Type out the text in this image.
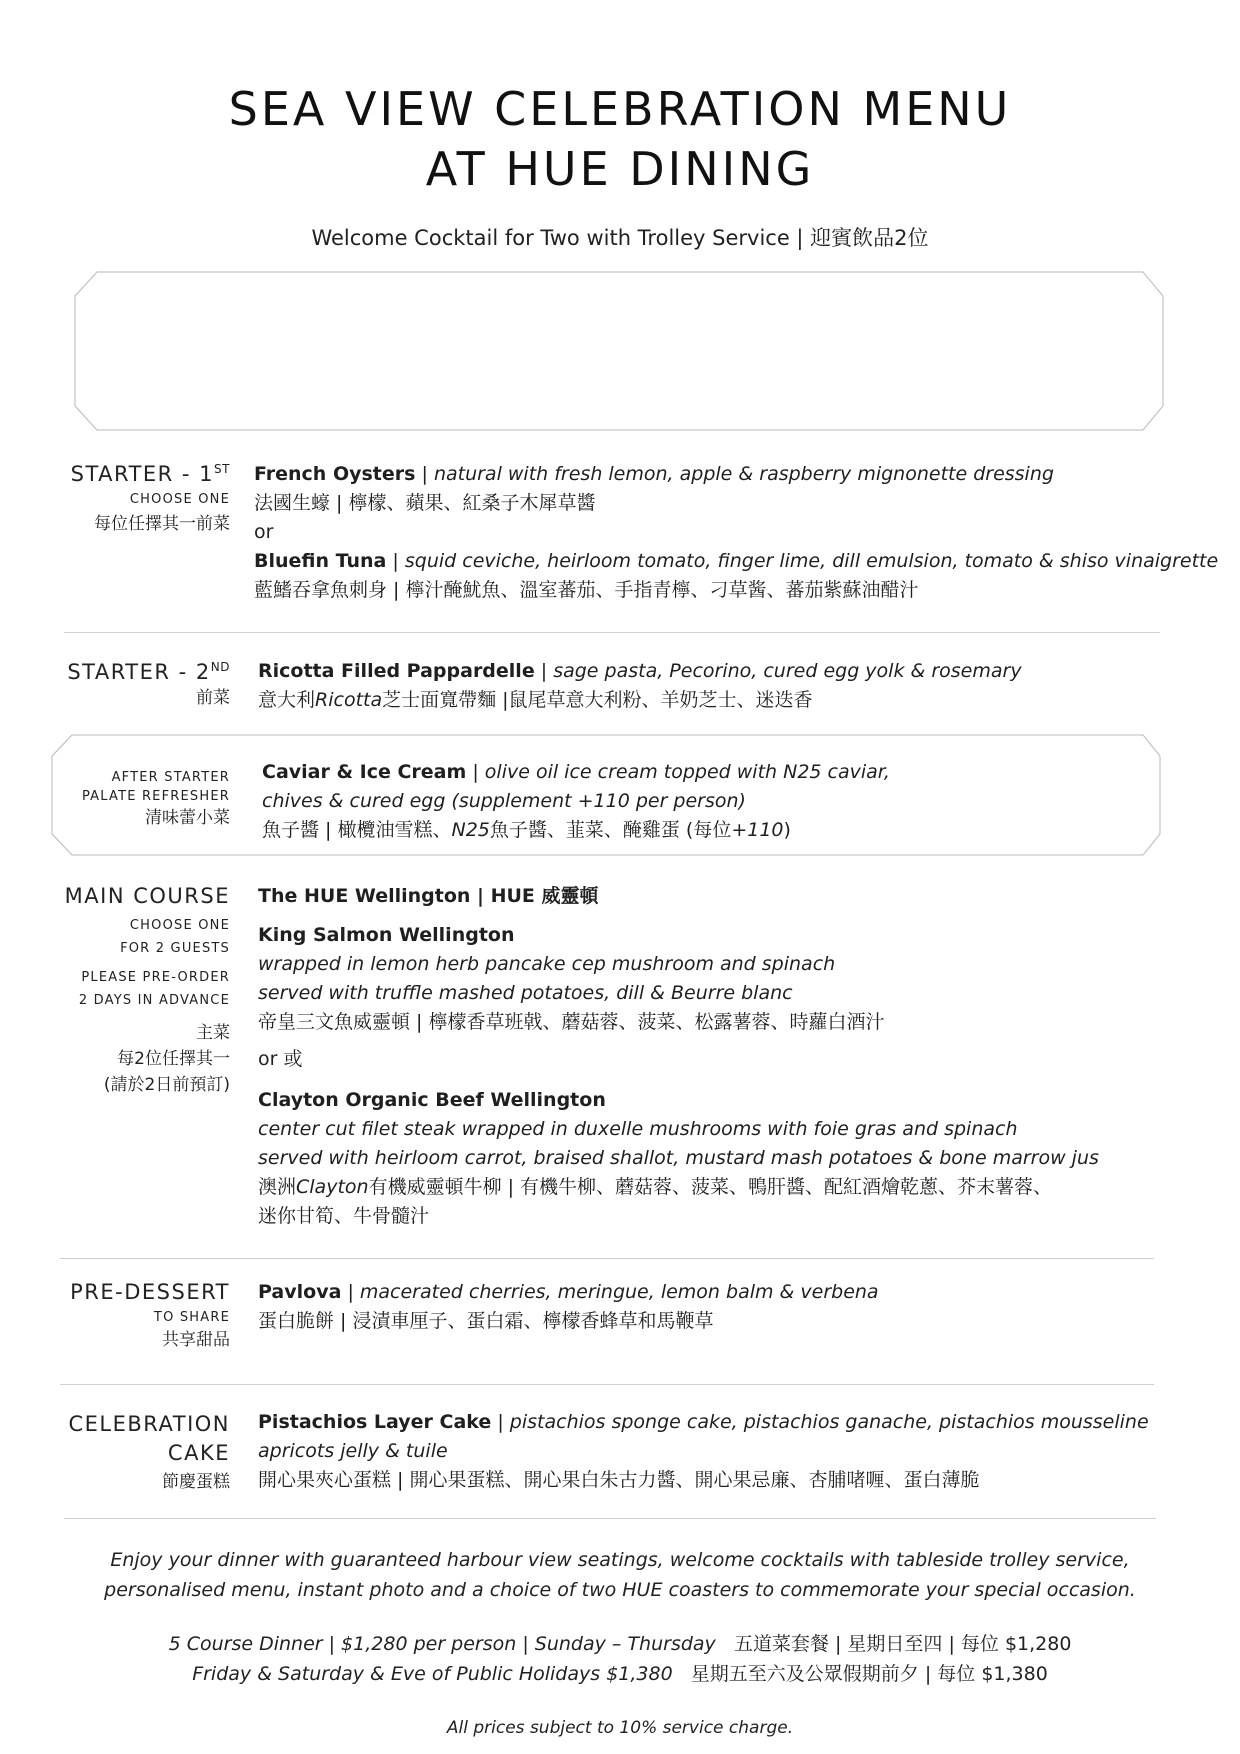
SEA VIEW CELEBRATION MENU
AT HUE DINING
Welcome Cocktail for Two with Trolley Service | 迎賓飲品2位
STARTER - 1ST
CHOOSE ONE
每位任擇其一前菜
French Oysters | natural with fresh lemon, apple & raspberry mignonette dressing
法國生蠔 | 檸檬、蘋果、紅桑子木犀草醬
or
Bluefin Tuna | squid ceviche, heirloom tomato, finger lime, dill emulsion, tomato & shiso vinaigrette
藍鰭吞拿魚刺身 | 檸汁醃魷魚、溫室蕃茄、手指青檸、刁草酱、蕃茄紫蘇油醋汁
STARTER - 2ND
前菜
Ricotta Filled Pappardelle | sage pasta, Pecorino, cured egg yolk & rosemary
意大利Ricotta芝士面寬帶麵 |鼠尾草意大利粉、羊奶芝士、迷迭香
AFTER STARTER
PALATE REFRESHER
清味蕾小菜
Caviar & Ice Cream | olive oil ice cream topped with N25 caviar,
chives & cured egg (supplement +110 per person)
魚子醬 | 橄欖油雪糕、N25魚子醬、韮菜、醃雞蛋 (每位+110)
MAIN COURSE
CHOOSE ONE
FOR 2 GUESTS
PLEASE PRE-ORDER
2 DAYS IN ADVANCE
主菜
每2位任擇其一
(請於2日前預訂)
The HUE Wellington | HUE 威靈頓
King Salmon Wellington
wrapped in lemon herb pancake cep mushroom and spinach
served with truffle mashed potatoes, dill & Beurre blanc
帝皇三文魚威靈頓 | 檸檬香草班戟、蘑菇蓉、菠菜、松露薯蓉、時蘿白酒汁
or 或
Clayton Organic Beef Wellington
center cut filet steak wrapped in duxelle mushrooms with foie gras and spinach
served with heirloom carrot, braised shallot, mustard mash potatoes & bone marrow jus
澳洲Clayton有機威靈頓牛柳 | 有機牛柳、蘑菇蓉、菠菜、鴨肝醬、配紅酒燴乾蔥、芥末薯蓉、
迷你甘筍、牛骨髓汁
PRE-DESSERT
TO SHARE
共享甜品
Pavlova | macerated cherries, meringue, lemon balm & verbena
蛋白脆餅 | 浸漬車厘子、蛋白霜、檸檬香蜂草和馬鞭草
CELEBRATION
CAKE
節慶蛋糕
Pistachios Layer Cake | pistachios sponge cake, pistachios ganache, pistachios mousseline
apricots jelly & tuile
開心果夾心蛋糕 | 開心果蛋糕、開心果白朱古力醬、開心果忌廉、杏脯啫喱、蛋白薄脆
Enjoy your dinner with guaranteed harbour view seatings, welcome cocktails with tableside trolley service,
personalised menu, instant photo and a choice of two HUE coasters to commemorate your special occasion.
5 Course Dinner | $1,280 per person | Sunday – Thursday 五道菜套餐 | 星期日至四 | 每位 $1,280
Friday & Saturday & Eve of Public Holidays $1,380 星期五至六及公眾假期前夕 | 每位 $1,380
All prices subject to 10% service charge.
